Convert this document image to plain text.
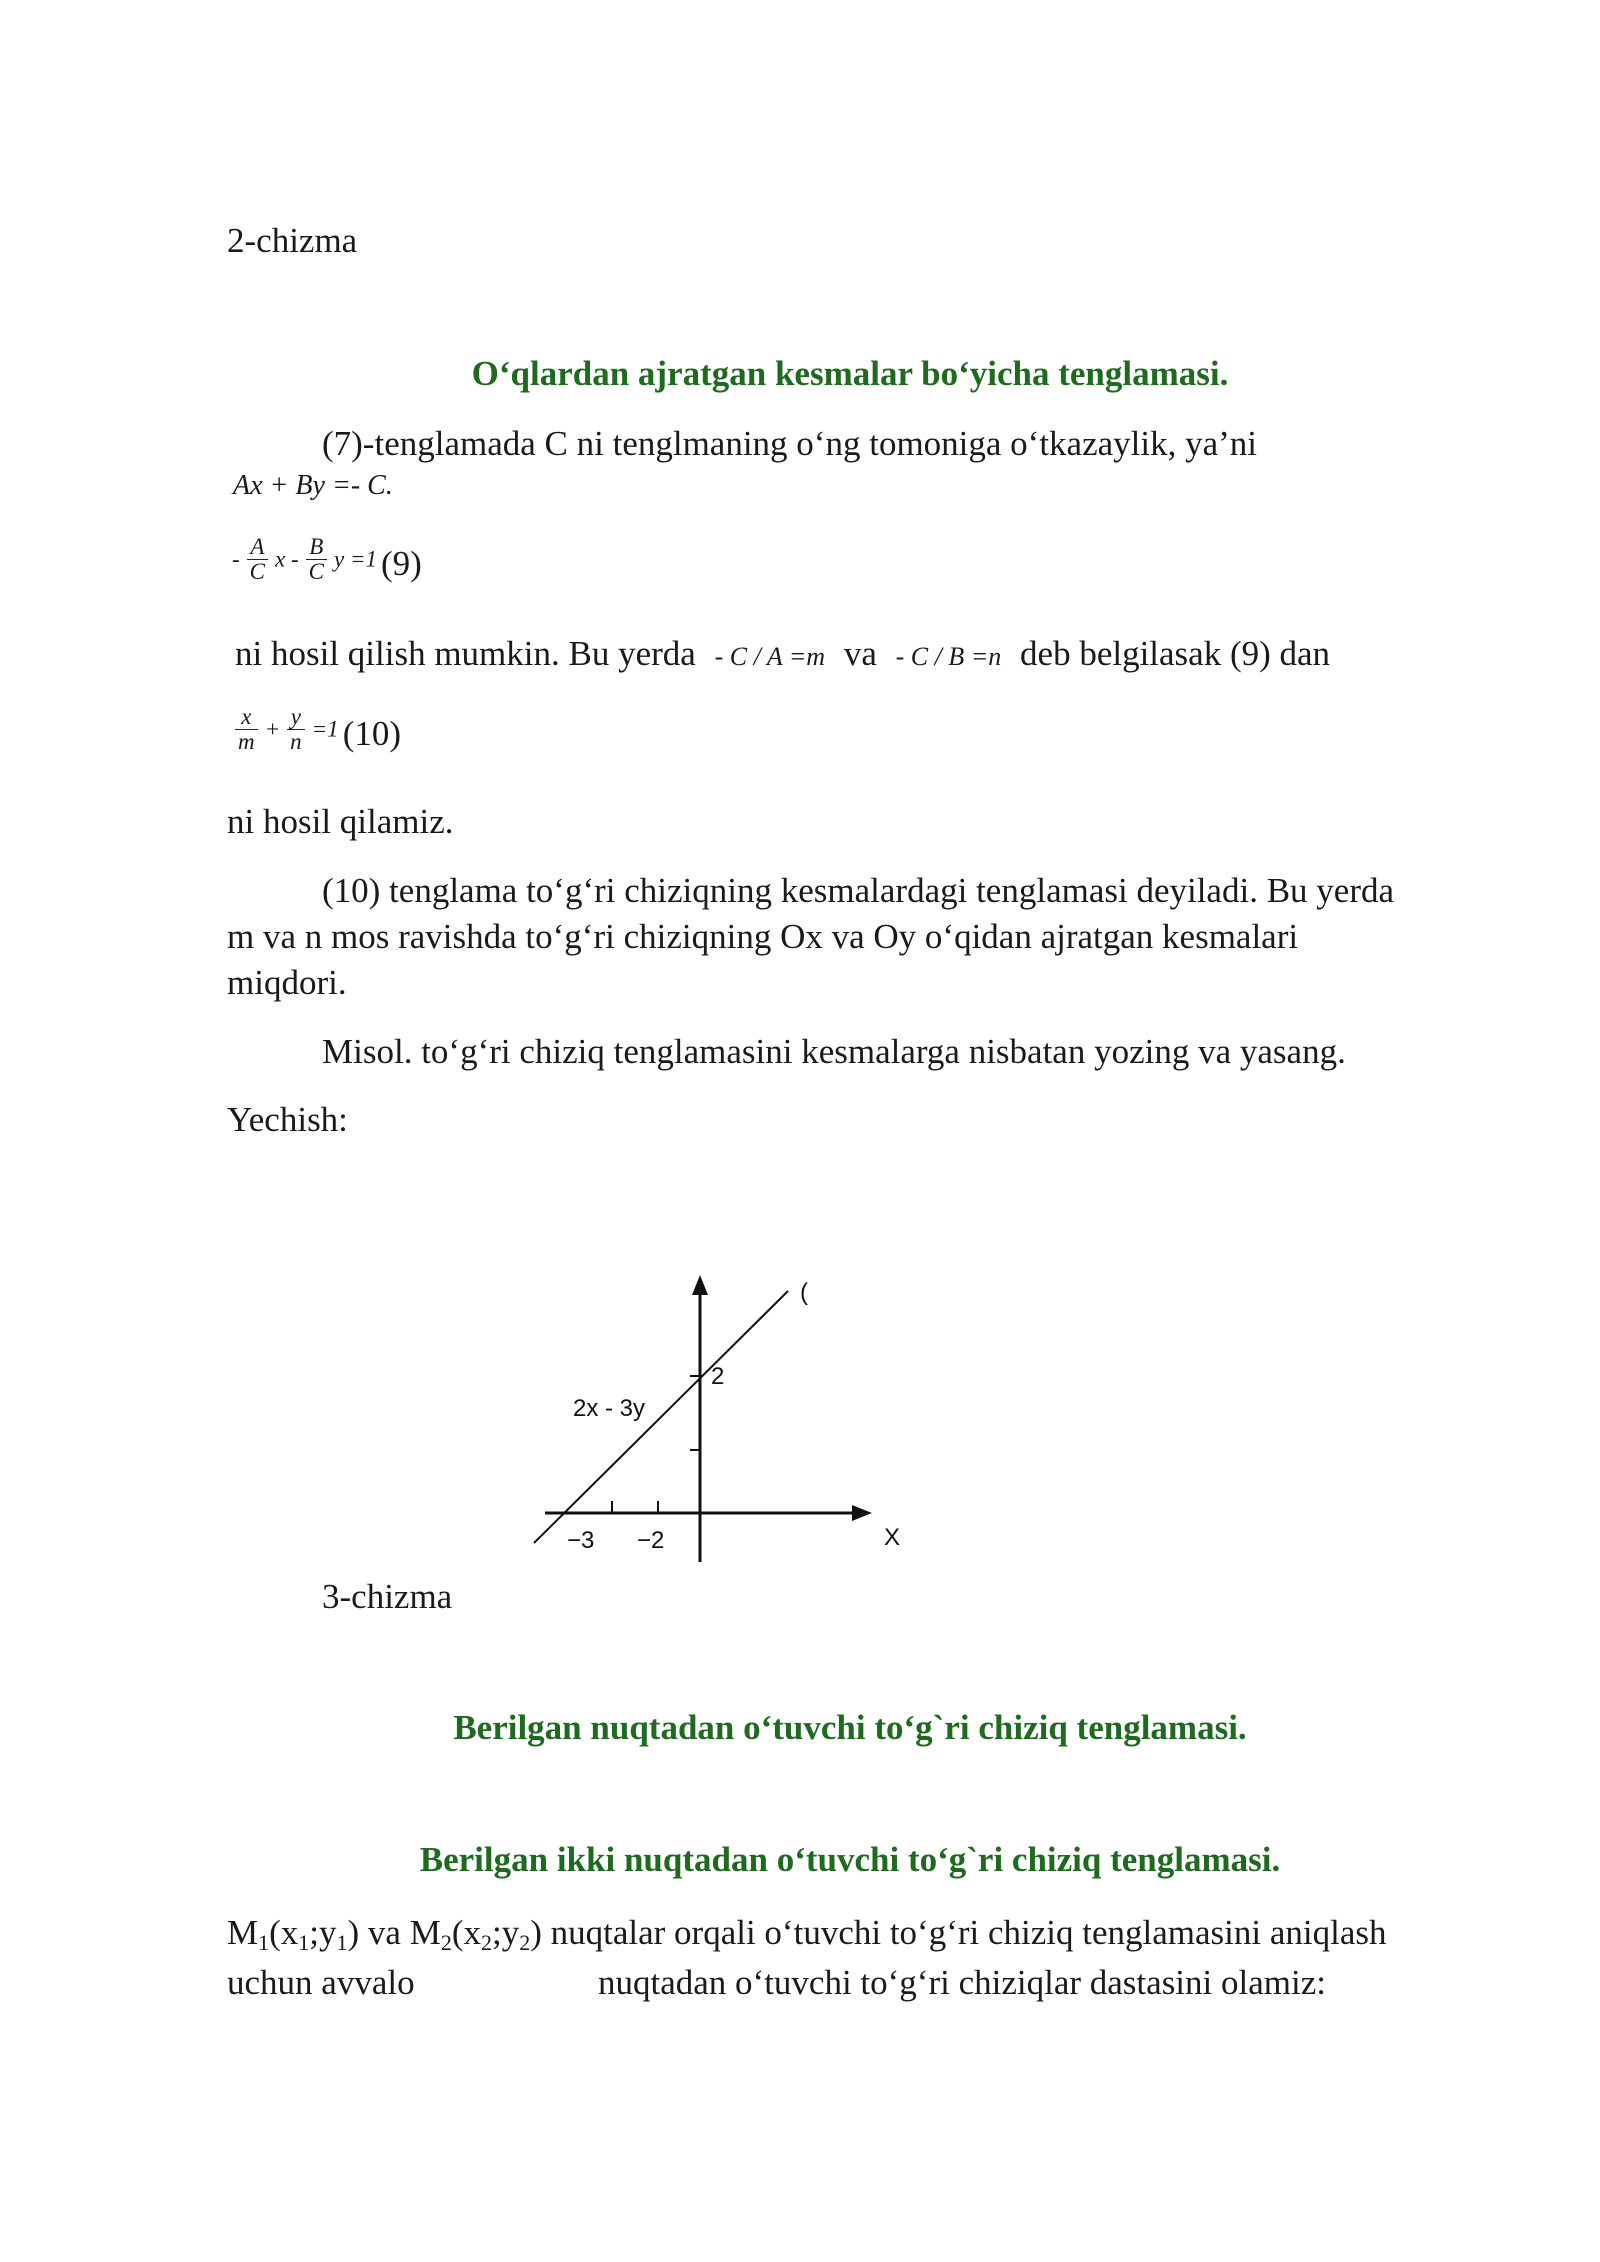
2-chizma
O‘qlardan ajratgan kesmalar bo‘yicha tenglamasi.
(7)-tenglamada C ni tenglmaning o‘ng tomoniga o‘tkazaylik, ya’ni
Ax + By =- C.
- $\frac{A}{C}$ x - $\frac{B}{C}$ y =1 (9)
ni hosil qilish mumkin. Bu yerda - C / A =m va - C / B =n deb belgilasak (9) dan
$\frac{x}{m} + \frac{y}{n} =1$ (10)
ni hosil qilamiz.
(10) tenglama to‘g‘ri chiziqning kesmalardagi tenglamasi deyiladi. Bu yerda
m va n mos ravishda to‘g‘ri chiziqning Ox va Oy o‘qidan ajratgan kesmalari
miqdori.
Misol. to‘g‘ri chiziq tenglamasini kesmalarga nisbatan yozing va yasang.
Yechish:
2x - 3y
(
2
−3 −2	X
3-chizma
Berilgan nuqtadan o‘tuvchi to‘g`ri chiziq tenglamasi.
Berilgan ikki nuqtadan o‘tuvchi to‘g`ri chiziq tenglamasi.
$M_1(x_1;y_1)$ va $M_2(x_2;y_2)$ nuqtalar orqali o‘tuvchi to‘g‘ri chiziq tenglamasini aniqlash
uchun avvalo	nuqtadan o‘tuvchi to‘g‘ri chiziqlar dastasini olamiz:
